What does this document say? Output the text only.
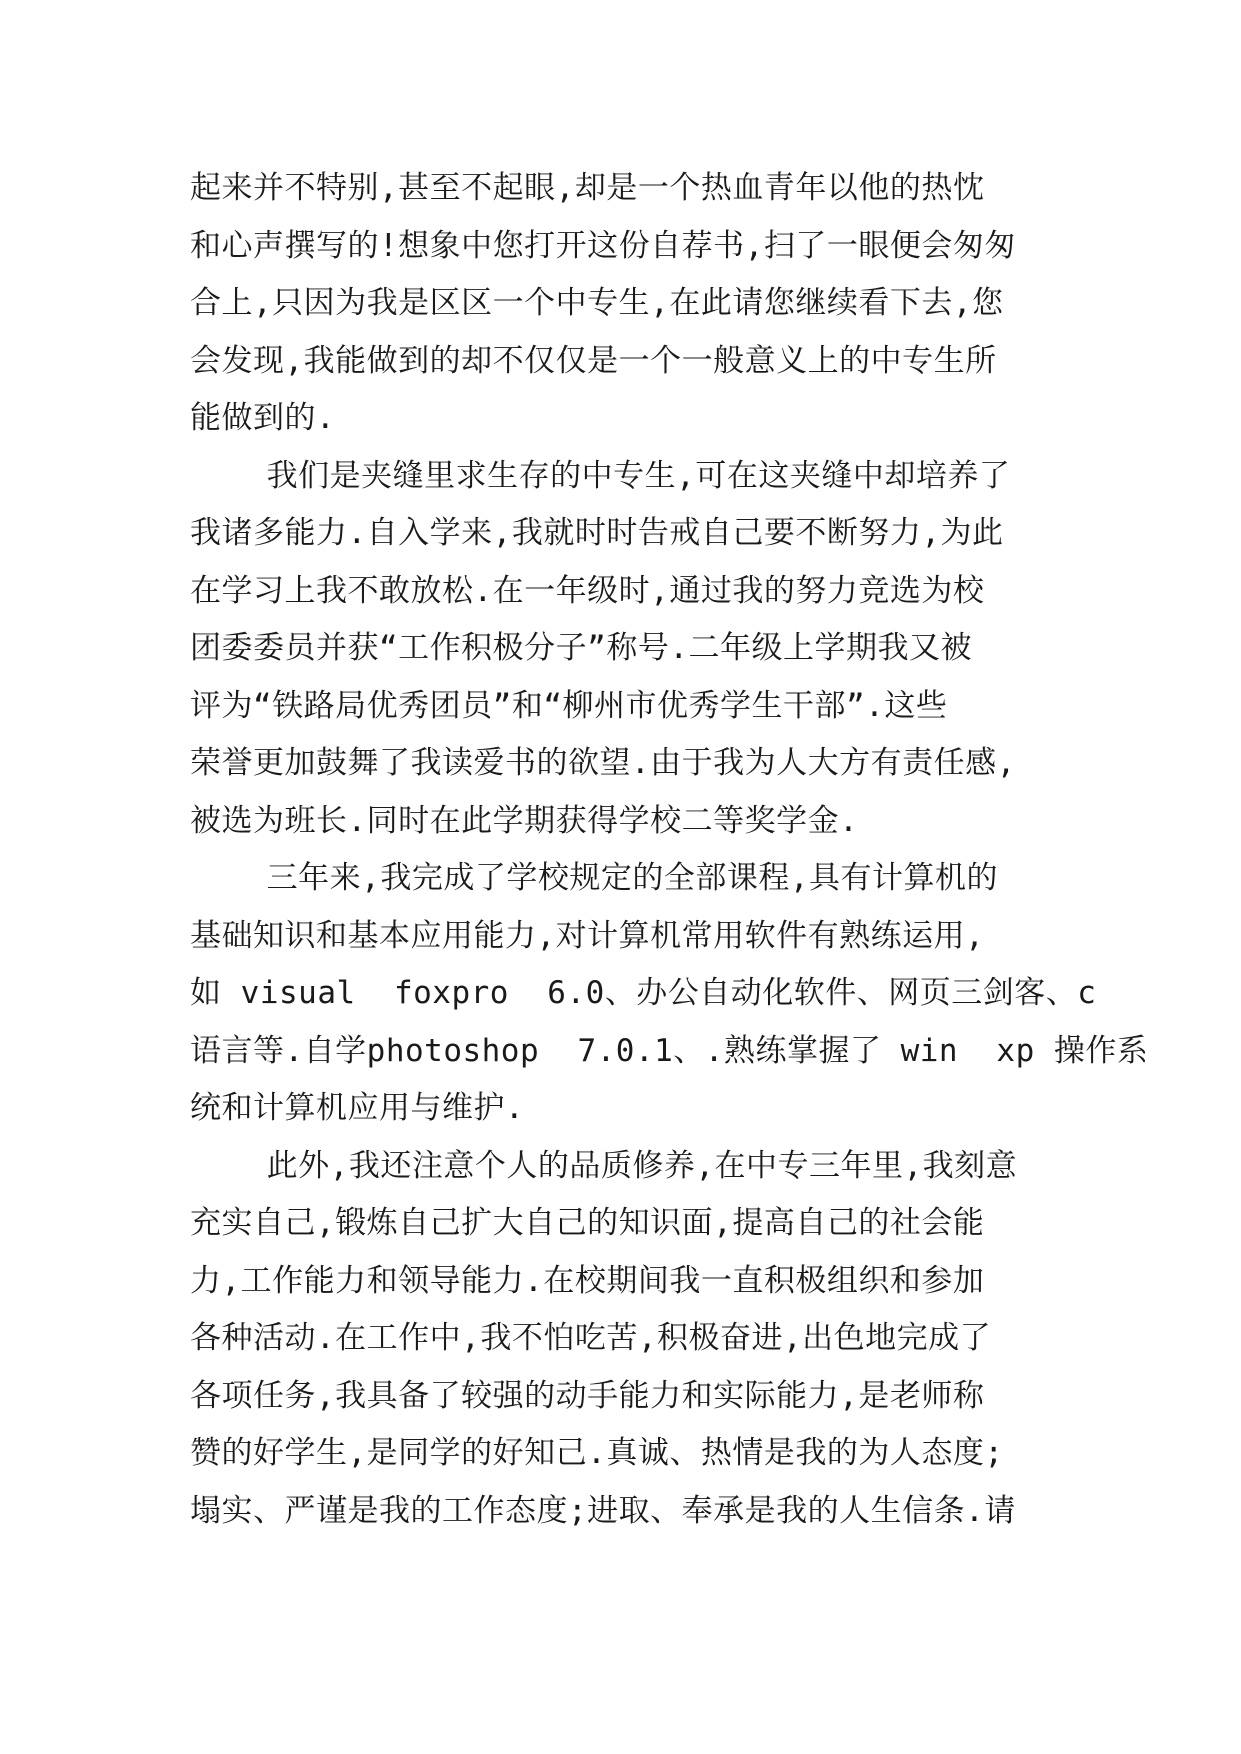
起来并不特别,甚至不起眼,却是一个热血青年以他的热忱
和心声撰写的!想象中您打开这份自荐书,扫了一眼便会匆匆
合上,只因为我是区区一个中专生,在此请您继续看下去,您
会发现,我能做到的却不仅仅是一个一般意义上的中专生所
能做到的.
我们是夹缝里求生存的中专生,可在这夹缝中却培养了
我诸多能力.自入学来,我就时时告戒自己要不断努力,为此
在学习上我不敢放松.在一年级时,通过我的努力竞选为校
团委委员并获“工作积极分子”称号.二年级上学期我又被
评为“铁路局优秀团员”和“柳州市优秀学生干部”.这些
荣誉更加鼓舞了我读爱书的欲望.由于我为人大方有责任感,
被选为班长.同时在此学期获得学校二等奖学金.
三年来,我完成了学校规定的全部课程,具有计算机的
基础知识和基本应用能力,对计算机常用软件有熟练运用,
如 visual  foxpro  6.0、办公自动化软件、网页三剑客、c
语言等.自学photoshop  7.0.1、.熟练掌握了 win  xp 操作系
统和计算机应用与维护.
此外,我还注意个人的品质修养,在中专三年里,我刻意
充实自己,锻炼自己扩大自己的知识面,提高自己的社会能
力,工作能力和领导能力.在校期间我一直积极组织和参加
各种活动.在工作中,我不怕吃苦,积极奋进,出色地完成了
各项任务,我具备了较强的动手能力和实际能力,是老师称
赞的好学生,是同学的好知己.真诚、热情是我的为人态度;
塌实、严谨是我的工作态度;进取、奉承是我的人生信条.请
